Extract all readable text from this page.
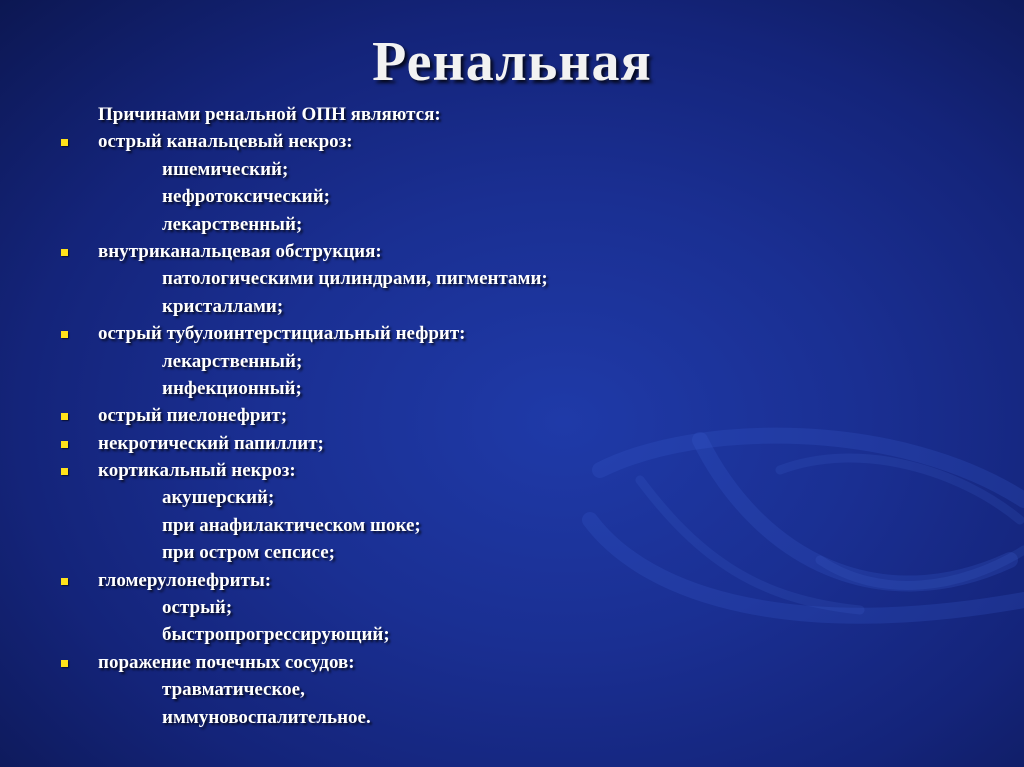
Ренальная
Причинами ренальной ОПН являются:
острый канальцевый некроз:
ишемический;
нефротоксический;
лекарственный;
внутриканальцевая обструкция:
патологическими цилиндрами, пигментами;
кристаллами;
острый тубулоинтерстициальный нефрит:
лекарственный;
инфекционный;
острый пиелонефрит;
некротический папиллит;
кортикальный некроз:
акушерский;
при анафилактическом шоке;
при остром сепсисе;
гломерулонефриты:
острый;
быстропрогрессирующий;
поражение почечных сосудов:
травматическое,
иммуновоспалительное.
